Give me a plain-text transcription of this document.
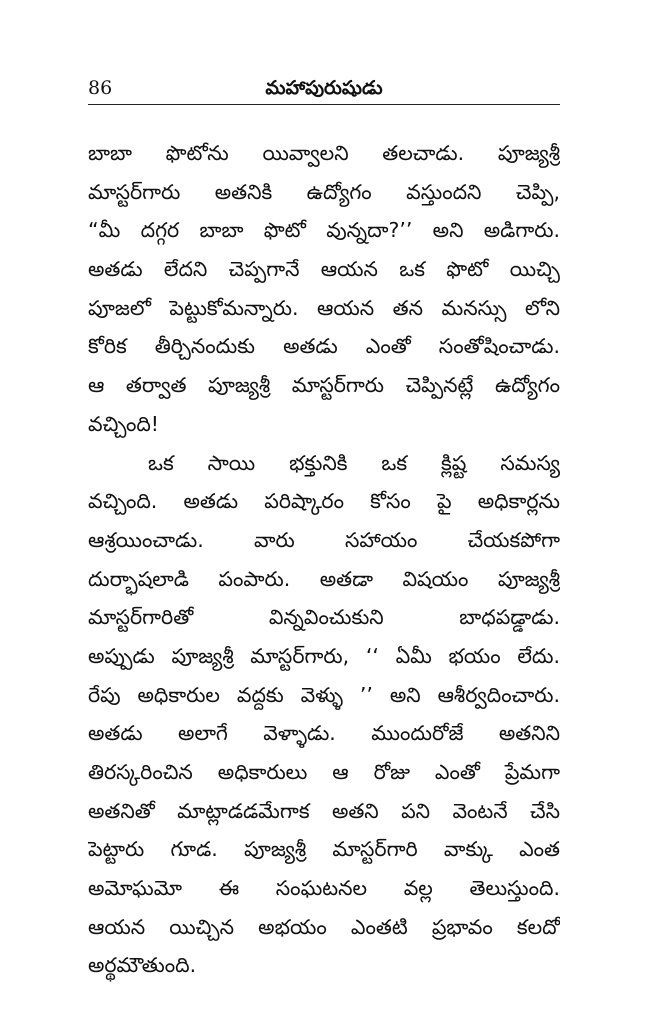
86	మహాపురుషుడు
బాబా ఫొటోను యివ్వాలని తలచాడు. పూజ్యశ్రీ
మాస్టర్‌గారు అతనికి ఉద్యోగం వస్తుందని చెప్పి,
“మీ దగ్గర బాబా ఫొటో వున్నదా?’’ అని అడిగారు.
అతడు లేదని చెప్పగానే ఆయన ఒక ఫొటో యిచ్చి
పూజలో పెట్టుకోమన్నారు. ఆయన తన మనస్సు లోని
కోరిక తీర్చినందుకు అతడు ఎంతో సంతోషించాడు.
ఆ తర్వాత పూజ్యశ్రీ మాస్టర్‌గారు చెప్పినట్లే ఉద్యోగం
వచ్చింది!
ఒక సాయి భక్తునికి ఒక క్లిష్ట సమస్య
వచ్చింది. అతడు పరిష్కారం కోసం పై అధికార్లను
ఆశ్రయించాడు. వారు సహాయం చేయకపోగా
దుర్భాషలాడి పంపారు. అతడా విషయం పూజ్యశ్రీ
మాస్టర్‌గారితో విన్నవించుకుని బాధపడ్డాడు.
అప్పుడు పూజ్యశ్రీ మాస్టర్‌గారు, ‘‘ ఏమీ భయం లేదు.
రేపు అధికారుల వద్దకు వెళ్ళు ’’ అని ఆశీర్వదించారు.
అతడు అలాగే వెళ్ళాడు. ముందురోజే అతనిని
తిరస్కరించిన అధికారులు ఆ రోజు ఎంతో ప్రేమగా
అతనితో మాట్లాడడమేగాక అతని పని వెంటనే చేసి
పెట్టారు గూడ. పూజ్యశ్రీ మాస్టర్‌గారి వాక్కు ఎంత
అమోఘమో ఈ సంఘటనల వల్ల తెలుస్తుంది.
ఆయన యిచ్చిన అభయం ఎంతటి ప్రభావం కలదో
అర్థమౌతుంది.
